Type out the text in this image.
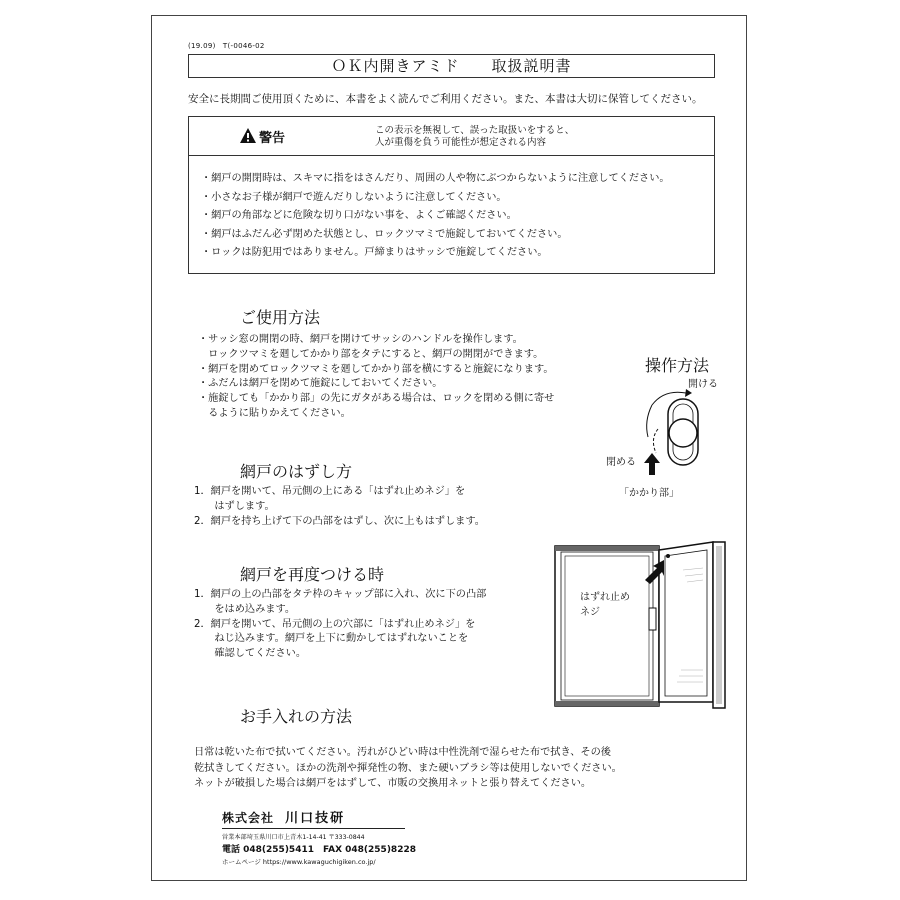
(19.09)　T(-0046-02
ＯＫ内開きアミド　　取扱説明書
安全に長期間ご使用頂くために、本書をよく読んでご利用ください。また、本書は大切に保管してください。
警告
この表示を無視して、誤った取扱いをすると、
人が重傷を負う可能性が想定される内容
・網戸の開閉時は、スキマに指をはさんだり、周囲の人や物にぶつからないように注意してください。
・小さなお子様が網戸で遊んだりしないように注意してください。
・網戸の角部などに危険な切り口がない事を、よくご確認ください。
・網戸はふだん必ず閉めた状態とし、ロックツマミで施錠しておいてください。
・ロックは防犯用ではありません。戸締まりはサッシで施錠してください。
ご使用方法
・サッシ窓の開閉の時、網戸を開けてサッシのハンドルを操作します。
　ロックツマミを廻してかかり部をタテにすると、網戸の開閉ができます。
・網戸を閉めてロックツマミを廻してかかり部を横にすると施錠になります。
・ふだんは網戸を閉めて施錠にしておいてください。
・施錠しても「かかり部」の先にガタがある場合は、ロックを閉める側に寄せ
　るように貼りかえてください。
操作方法
開ける
閉める
「かかり部」
網戸のはずし方
1．網戸を開いて、吊元側の上にある「はずれ止めネジ」を
　　はずします。
2．網戸を持ち上げて下の凸部をはずし、次に上もはずします。
網戸を再度つける時
1．網戸の上の凸部をタテ枠のキャップ部に入れ、次に下の凸部
　　をはめ込みます。
2．網戸を開いて、吊元側の上の穴部に「はずれ止めネジ」を
　　ねじ込みます。網戸を上下に動かしてはずれないことを
　　確認してください。
はずれ止め
ネジ
お手入れの方法
日常は乾いた布で拭いてください。汚れがひどい時は中性洗剤で湿らせた布で拭き、その後
乾拭きしてください。ほかの洗剤や揮発性の物、また硬いブラシ等は使用しないでください。
ネットが破損した場合は網戸をはずして、市販の交換用ネットと張り替えてください。
株式会社 川口技研
営業本部埼玉県川口市上青木1-14-41 〒333-0844
電話 048(255)5411　FAX 048(255)8228
ホームページ https://www.kawaguchigiken.co.jp/
